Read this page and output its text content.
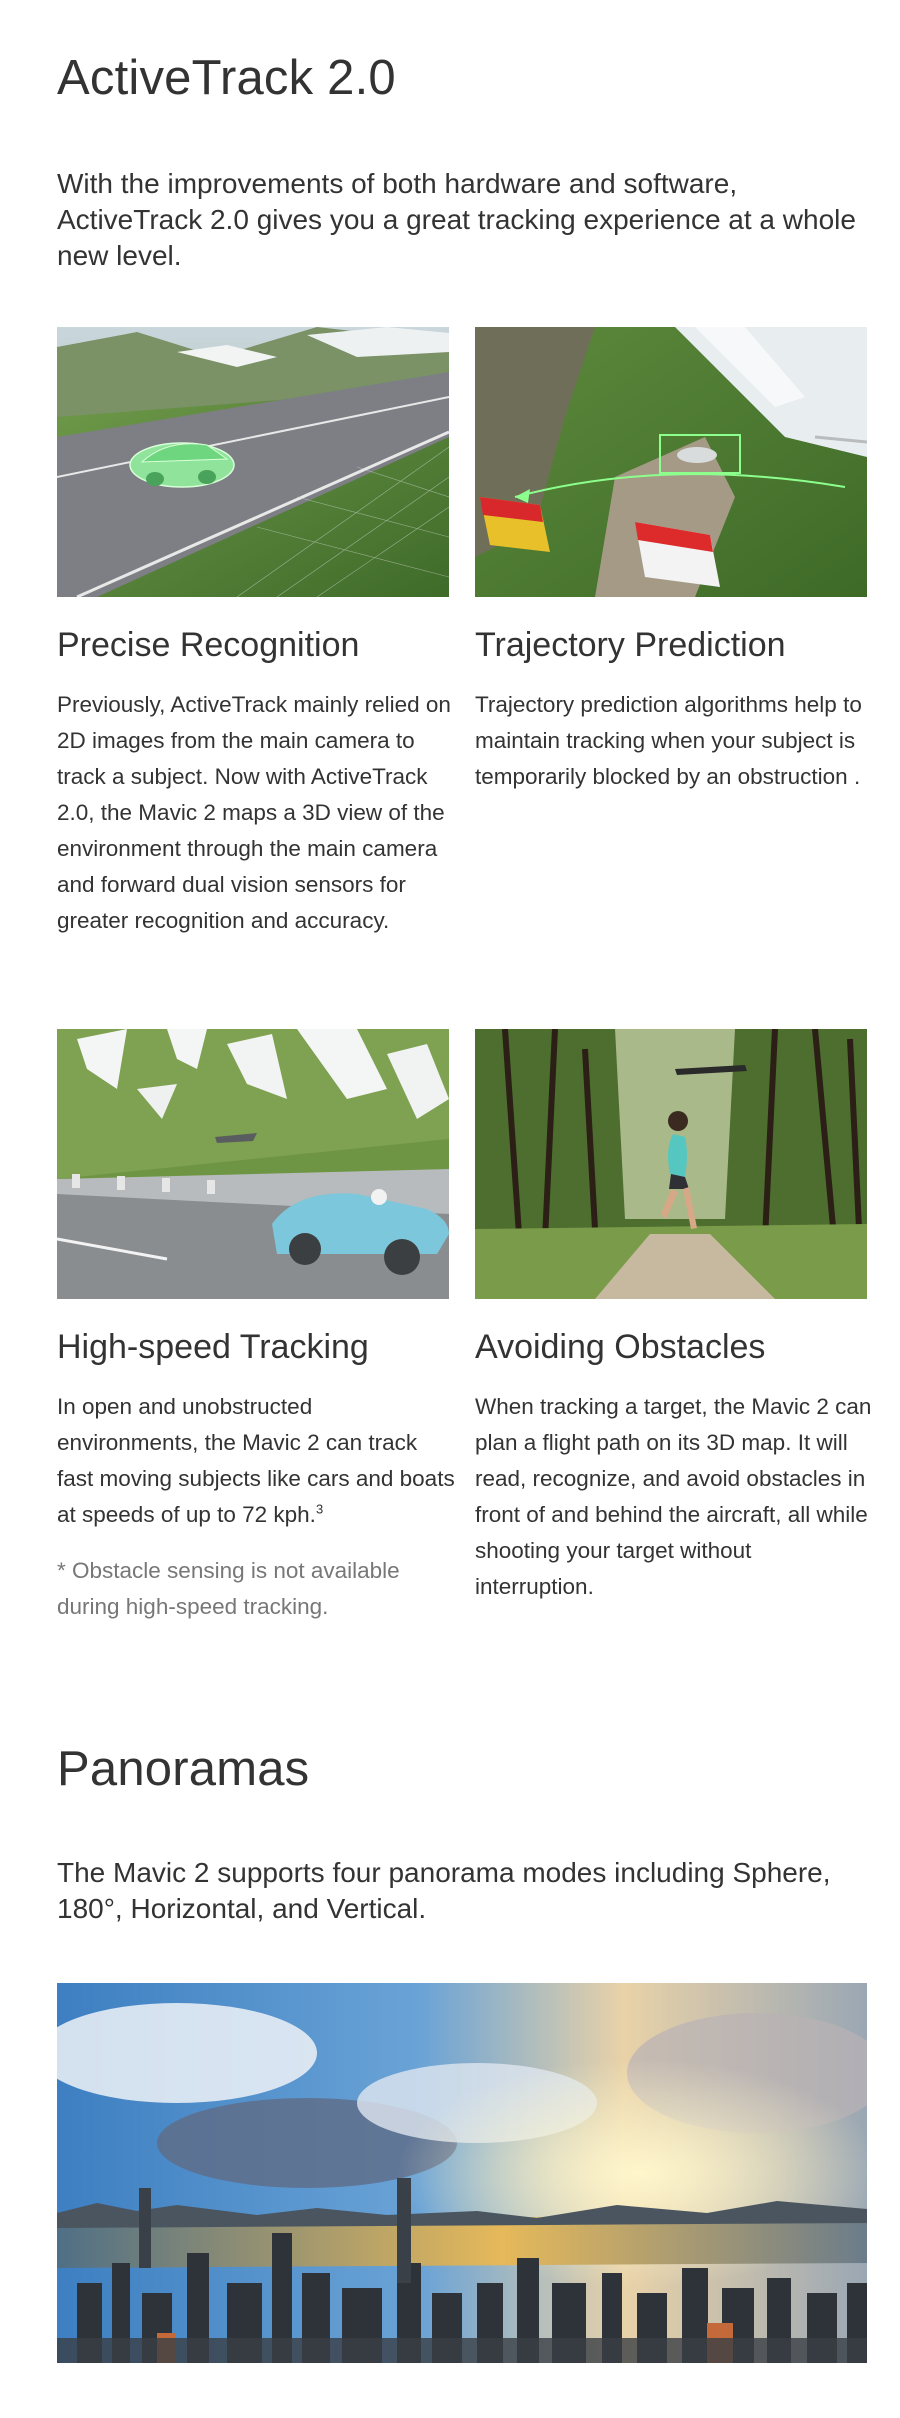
ActiveTrack 2.0

With the improvements of both hardware and software, ActiveTrack 2.0 gives you a great tracking experience at a whole new level.

Precise Recognition

Previously, ActiveTrack mainly relied on 2D images from the main camera to track a subject. Now with ActiveTrack 2.0, the Mavic 2 maps a 3D view of the environment through the main camera and forward dual vision sensors for greater recognition and accuracy.

Trajectory Prediction

Trajectory prediction algorithms help to maintain tracking when your subject is temporarily blocked by an obstruction .

High-speed Tracking

In open and unobstructed environments, the Mavic 2 can track fast moving subjects like cars and boats at speeds of up to 72 kph.$^3$

* Obstacle sensing is not available during high-speed tracking.

Avoiding Obstacles

When tracking a target, the Mavic 2 can plan a flight path on its 3D map. It will read, recognize, and avoid obstacles in front of and behind the aircraft, all while shooting your target without interruption.

Panoramas

The Mavic 2 supports four panorama modes including Sphere, 180°, Horizontal, and Vertical.
